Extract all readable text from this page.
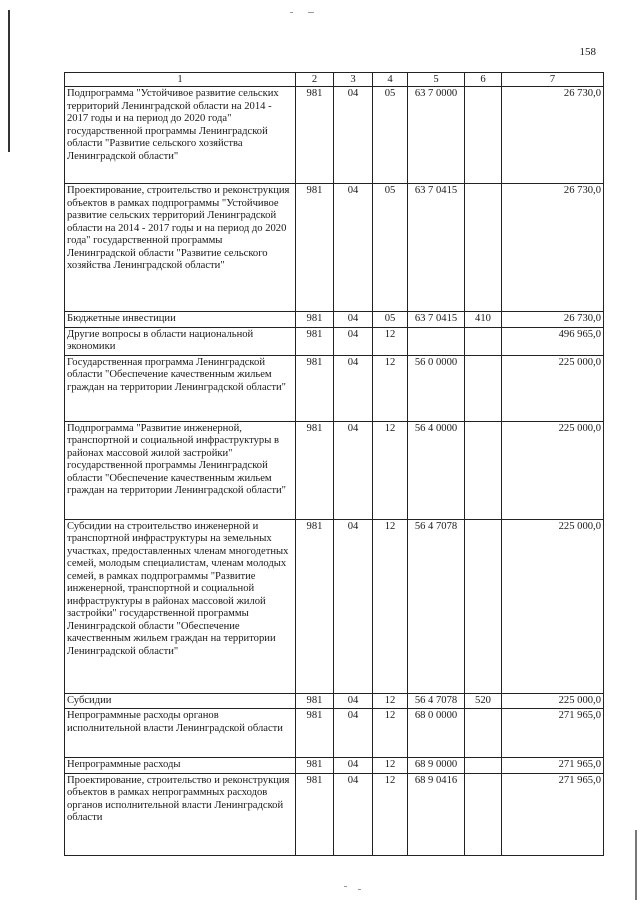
158
1	2	3	4	5	6	7
Подпрограмма "Устойчивое развитие сельских территорий Ленинградской области на 2014 - 2017 годы и на период до 2020 года" государственной программы Ленинградской области "Развитие сельского хозяйства Ленинградской области"	981	04	05	63 7 0000		26 730,0
Проектирование, строительство и реконструкция объектов в рамках подпрограммы "Устойчивое развитие сельских территорий Ленинградской области на 2014 - 2017 годы и на период до 2020 года" государственной программы Ленинградской области "Развитие сельского хозяйства Ленинградской области"	981	04	05	63 7 0415		26 730,0
Бюджетные инвестиции	981	04	05	63 7 0415	410	26 730,0
Другие вопросы в области национальной экономики	981	04	12			496 965,0
Государственная программа Ленинградской области "Обеспечение качественным жильем граждан на территории Ленинградской области"	981	04	12	56 0 0000		225 000,0
Подпрограмма "Развитие инженерной, транспортной и социальной инфраструктуры в районах массовой жилой застройки" государственной программы Ленинградской области "Обеспечение качественным жильем граждан на территории Ленинградской области"	981	04	12	56 4 0000		225 000,0
Субсидии на строительство инженерной и транспортной инфраструктуры на земельных участках, предоставленных членам многодетных семей, молодым специалистам, членам молодых семей, в рамках подпрограммы "Развитие инженерной, транспортной и социальной инфраструктуры в районах массовой жилой застройки" государственной программы Ленинградской области "Обеспечение качественным жильем граждан на территории Ленинградской области"	981	04	12	56 4 7078		225 000,0
Субсидии	981	04	12	56 4 7078	520	225 000,0
Непрограммные расходы органов исполнительной власти Ленинградской области	981	04	12	68 0 0000		271 965,0
Непрограммные расходы	981	04	12	68 9 0000		271 965,0
Проектирование, строительство и реконструкция объектов в рамках непрограммных расходов органов исполнительной власти Ленинградской области	981	04	12	68 9 0416		271 965,0
